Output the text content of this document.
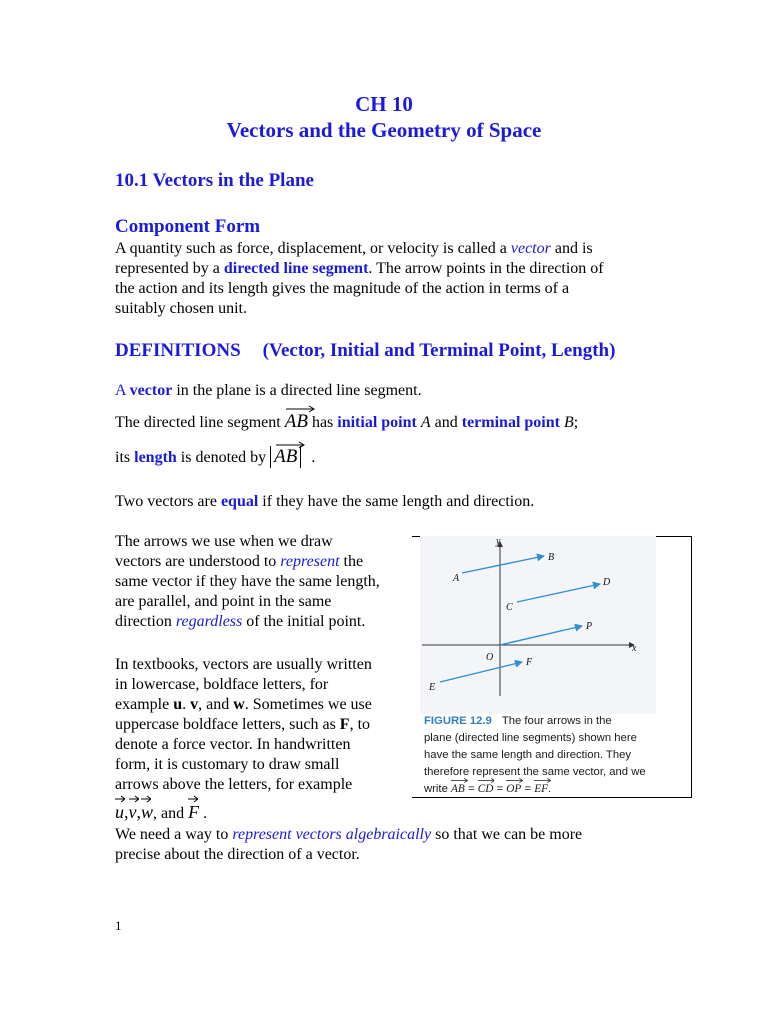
CH 10
Vectors and the Geometry of Space
10.1 Vectors in the Plane
Component Form
A quantity such as force, displacement, or velocity is called a vector and is
represented by a directed line segment. The arrow points in the direction of
the action and its length gives the magnitude of the action in terms of a
suitably chosen unit.
DEFINITIONS (Vector, Initial and Terminal Point, Length)
A vector in the plane is a directed line segment.
The directed line segment
AB has initial point A and terminal point B;
its length is denoted by
AB .
Two vectors are equal if they have the same length and direction.
The arrows we use when we draw
vectors are understood to represent the
same vector if they have the same length,
are parallel, and point in the same
direction regardless of the initial point.
In textbooks, vectors are usually written
in lowercase, boldface letters, for
example u. v, and w. Sometimes we use
uppercase boldface letters, such as F, to
denote a force vector. In handwritten
form, it is customary to draw small
arrows above the letters, for example
u,
v,
w, and
F .
We need a way to represent vectors algebraically so that we can be more
precise about the direction of a vector.
y
x
A
B
C
D
O
P
E
F
FIGURE 12.9 The four arrows in the
plane (directed line segments) shown here
have the same length and direction. They
therefore represent the same vector, and we
write
AB =
CD =
OP =
EF.
1
